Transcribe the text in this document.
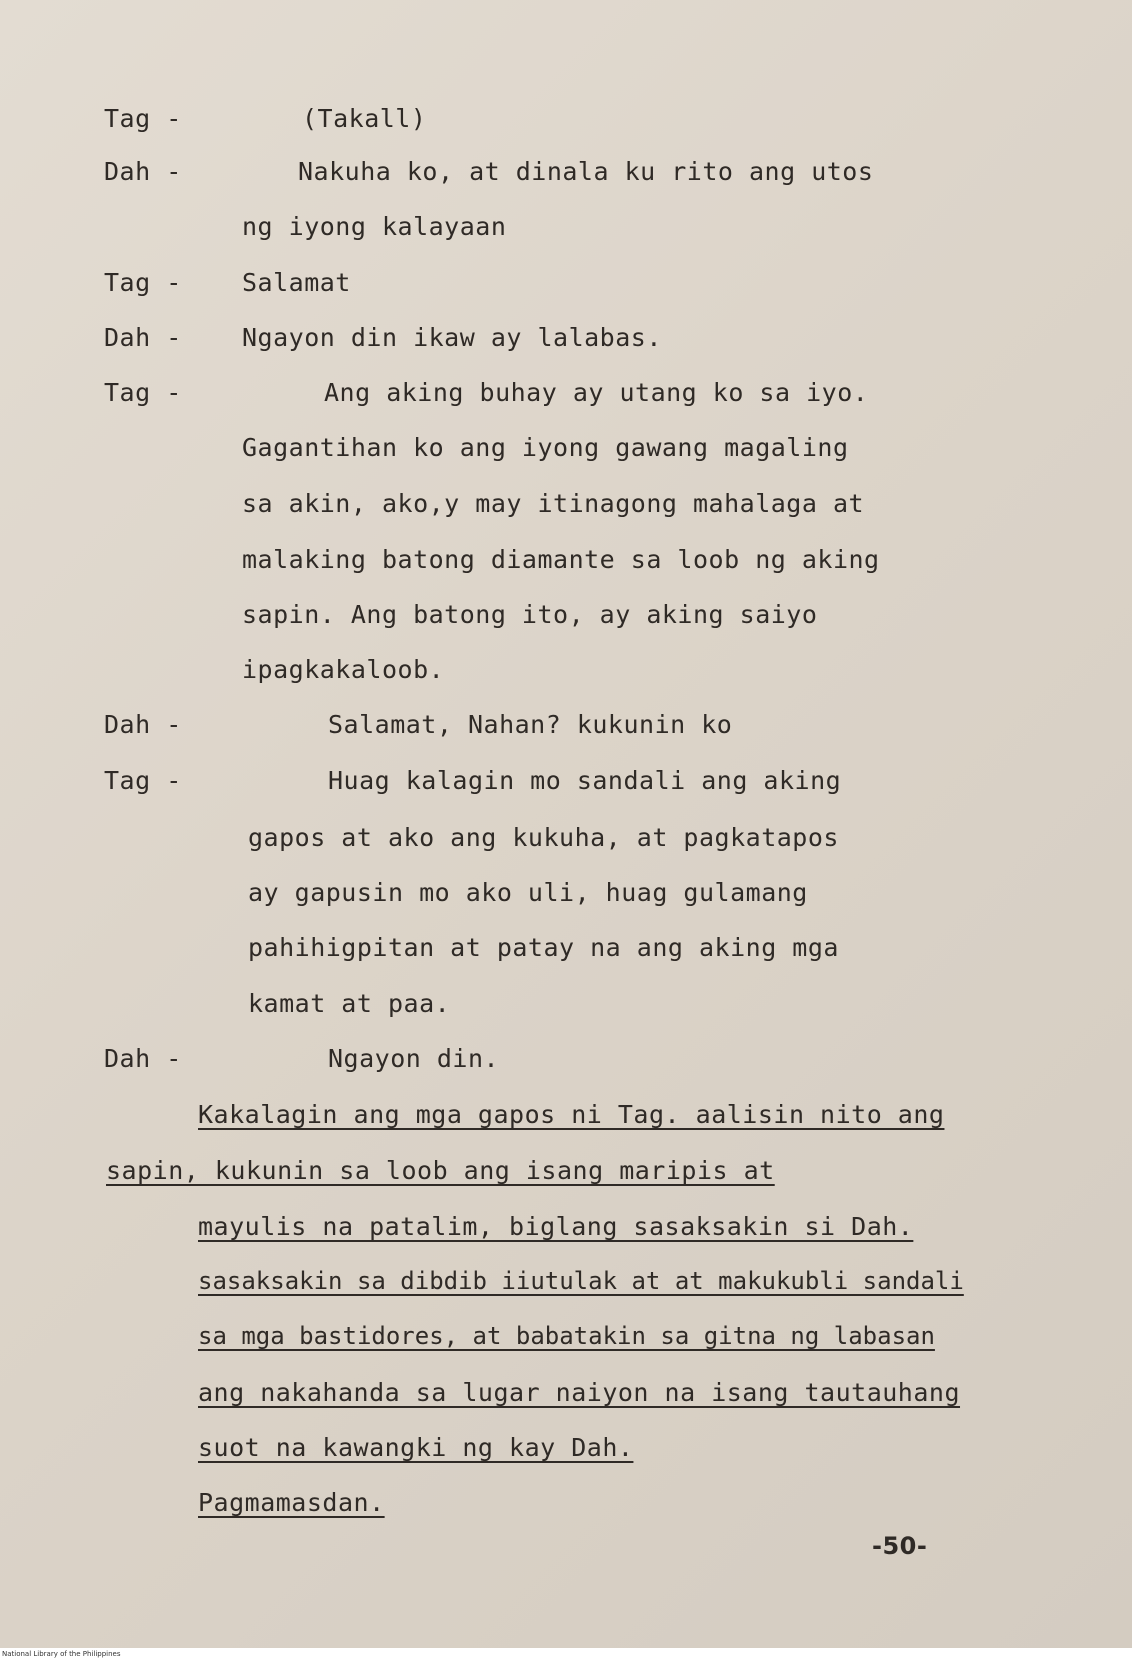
Tag -	(Takall)
Dah -	Nakuha ko, at dinala ku rito ang utos
ng iyong kalayaan
Tag - Salamat
Dah - Ngayon din ikaw ay lalabas.
Tag -	Ang aking buhay ay utang ko sa iyo.
Gagantihan ko ang iyong gawang magaling
sa akin, ako,y may itinagong mahalaga at
malaking batong diamante sa loob ng aking
sapin. Ang batong ito, ay aking saiyo
ipagkakaloob.
Dah -	Salamat, Nahan? kukunin ko
Tag -	Huag kalagin mo sandali ang aking
gapos at ako ang kukuha, at pagkatapos
ay gapusin mo ako uli, huag gulamang
pahihigpitan at patay na ang aking mga
kamat at paa.
Dah -	Ngayon din.
Kakalagin ang mga gapos ni Tag. aalisin nito ang
sapin, kukunin sa loob ang isang maripis at
mayulis na patalim, biglang sasaksakin si Dah.
sasaksakin sa dibdib iiutulak at at makukubli sandali
sa mga bastidores, at babatakin sa gitna ng labasan
ang nakahanda sa lugar naiyon na isang tautauhang
suot na kawangki ng kay Dah.
Pagmamasdan.
-50-
National Library of the Philippines
